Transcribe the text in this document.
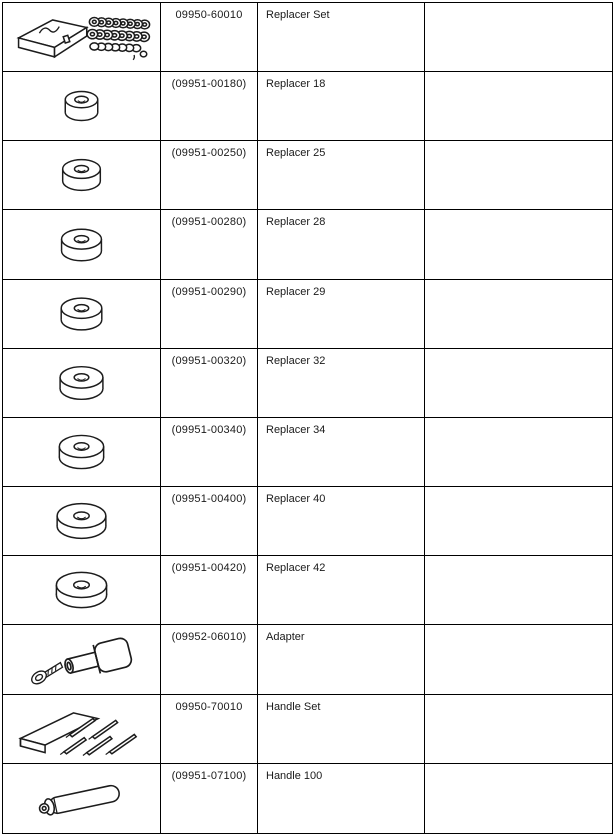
09950-60010	Replacer Set
(09951-00180)	Replacer 18
(09951-00250)	Replacer 25
(09951-00280)	Replacer 28
(09951-00290)	Replacer 29
(09951-00320)	Replacer 32
(09951-00340)	Replacer 34
(09951-00400)	Replacer 40
(09951-00420)	Replacer 42
(09952-06010)	Adapter
09950-70010	Handle Set
(09951-07100)	Handle 100
